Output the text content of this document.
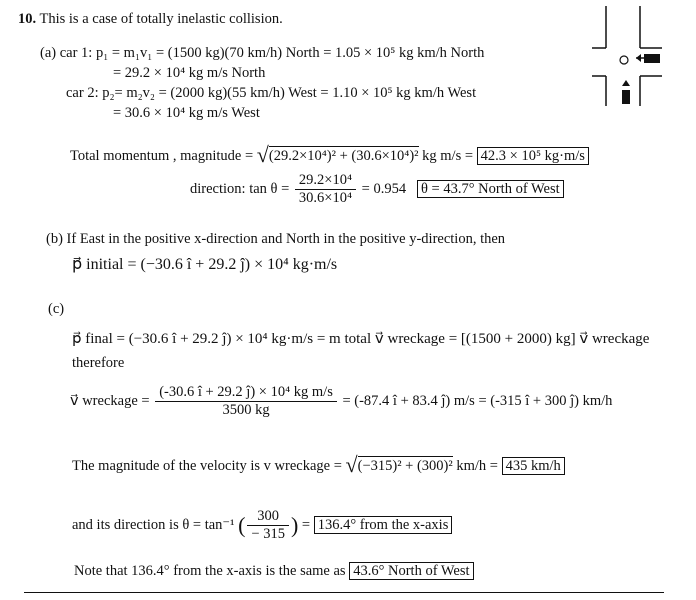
10. This is a case of totally inelastic collision.
(a) car 1: p₁ = m₁v₁ = (1500 kg)(70 km/h) North = 1.05 × 10⁵ kg km/h North
= 29.2 × 10⁴ kg m/s North
car 2: p₂= m₂v₂ = (2000 kg)(55 km/h) West = 1.10 × 10⁵ kg km/h West
= 30.6 × 10⁴ kg m/s West
Total momentum , magnitude = √(29.2×10⁴)² + (30.6×10⁴)² kg m/s = 42.3 × 10⁵ kg·m/s
direction: $\tan \theta = \frac{\text{29.2×10⁴}}{\text{30.6×10⁴}} = 0.954$ θ = 43.7° North of West
(b) If East in the positive x-direction and North in the positive y-direction, then
p⃗ initial = (−30.6 î + 29.2 ĵ) × 10⁴ kg·m/s
(c)
p⃗ final = (−30.6 î + 29.2 ĵ) × 10⁴ kg·m/s = m total v⃗ wreckage = [(1500 + 2000) kg] v⃗ wreckage
therefore
v⃗ wreckage = $\frac{\text{(-30.6 î + 29.2 ĵ) × 10⁴ kg m/s}}{3500 kg} = (-87.4$ î + 83.4 ĵ) m/s = (-315 î + 300 ĵ) km/h
The magnitude of the velocity is v wreckage = √(−315)² + (300)² km/h = 435 km/h
and its direction is θ = tan⁻¹ ( $\frac{300}{- 315}$ ) = 136.4° from the x-axis
Note that 136.4° from the x-axis is the same as 43.6° North of West
